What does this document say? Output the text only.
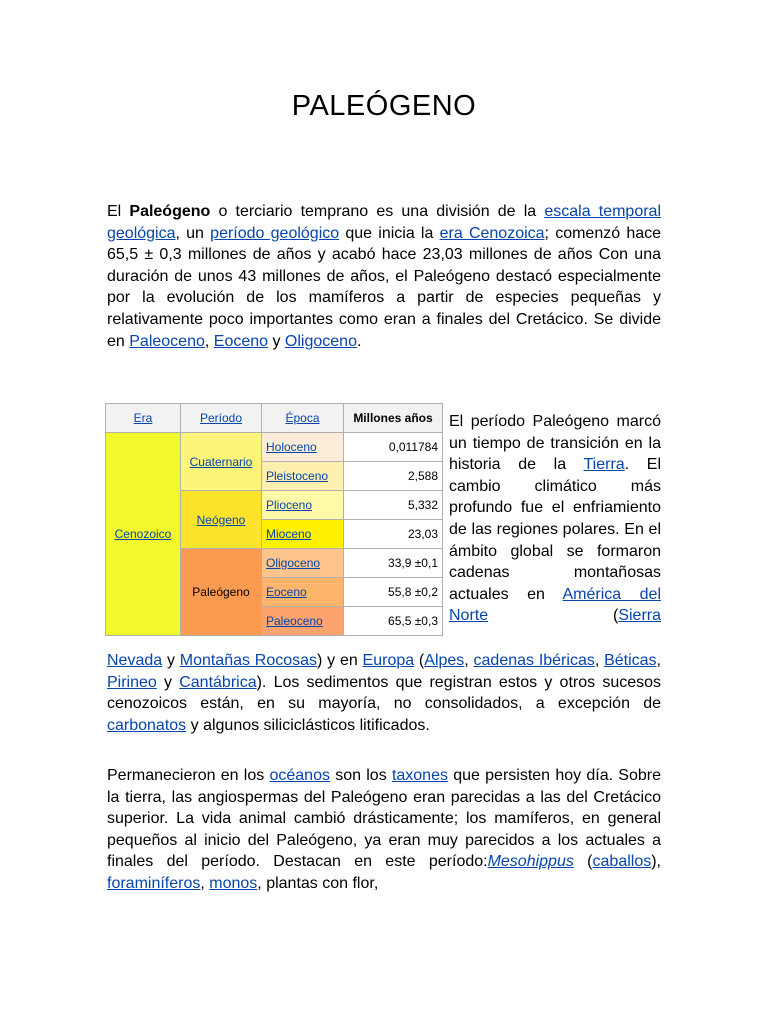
PALEÓGENO

El Paleógeno o terciario temprano es una división de la escala temporal geológica, un período geológico que inicia la era Cenozoica; comenzó hace 65,5 ± 0,3 millones de años y acabó hace 23,03 millones de años Con una duración de unos 43 millones de años, el Paleógeno destacó especialmente por la evolución de los mamíferos a partir de especies pequeñas y relativamente poco importantes como eran a finales del Cretácico. Se divide en Paleoceno, Eoceno y Oligoceno.

Era	Período	Época	Millones años
Cenozoico	Cuaternario	Holoceno	0,011784
		Pleistoceno	2,588
	Neógeno	Plioceno	5,332
		Mioceno	23,03
	Paleógeno	Oligoceno	33,9 ±0,1
		Eoceno	55,8 ±0,2
		Paleoceno	65,5 ±0,3

El período Paleógeno marcó un tiempo de transición en la historia de la Tierra. El cambio climático más profundo fue el enfriamiento de las regiones polares. En el ámbito global se formaron cadenas montañosas actuales en América del Norte (Sierra

Nevada y Montañas Rocosas) y en Europa (Alpes, cadenas Ibéricas, Béticas, Pirineo y Cantábrica). Los sedimentos que registran estos y otros sucesos cenozoicos están, en su mayoría, no consolidados, a excepción de carbonatos y algunos siliciclásticos litificados.

Permanecieron en los océanos son los taxones que persisten hoy día. Sobre la tierra, las angiospermas del Paleógeno eran parecidas a las del Cretácico superior. La vida animal cambió drásticamente; los mamíferos, en general pequeños al inicio del Paleógeno, ya eran muy parecidos a los actuales a finales del período. Destacan en este período:Mesohippus (caballos), foraminíferos, monos, plantas con flor,
